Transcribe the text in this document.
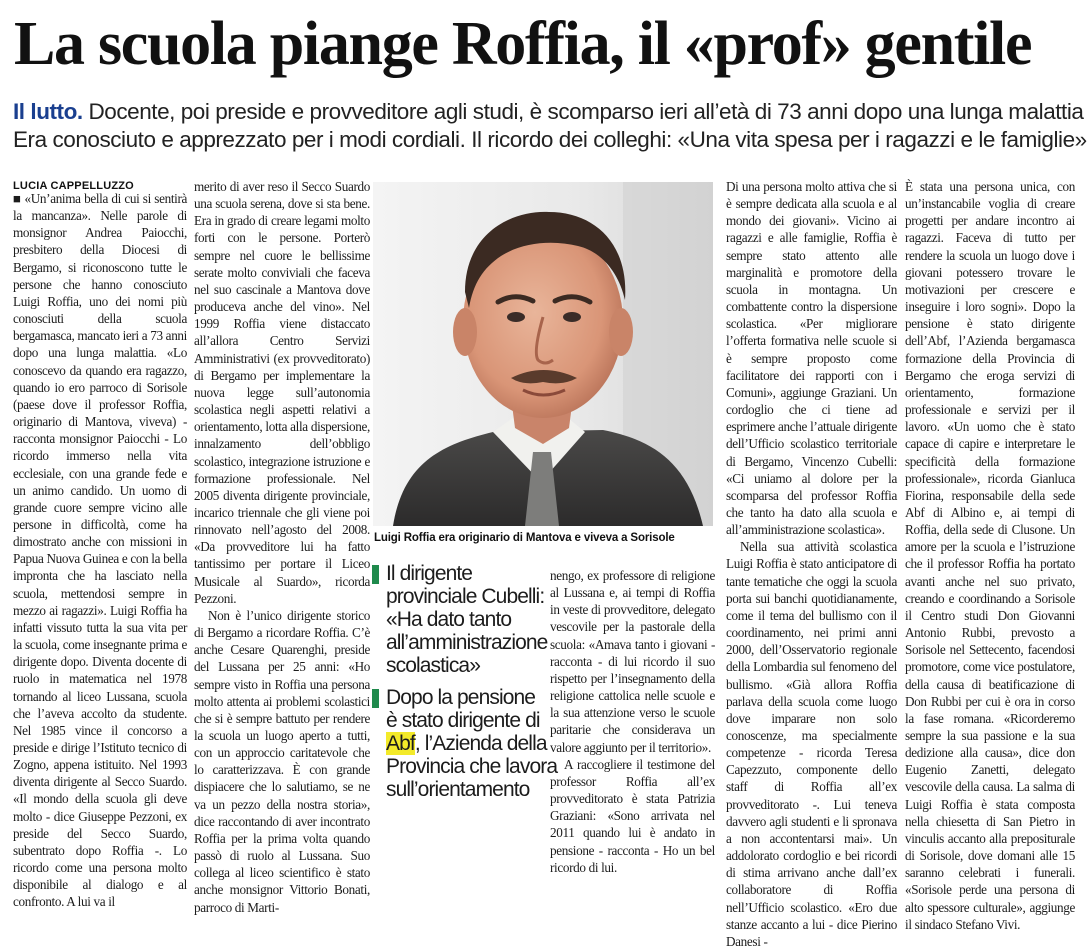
La scuola piange Roffia, il «prof» gentile
Il lutto. Docente, poi preside e provveditore agli studi, è scomparso ieri all’età di 73 anni dopo una lunga malattia
Era conosciuto e apprezzato per i modi cordiali. Il ricordo dei colleghi: «Una vita spesa per i ragazzi e le famiglie»
LUCIA CAPPELLUZZO

■ «Un’anima bella di cui si sentirà la mancanza». Nelle parole di monsignor Andrea Paiocchi, presbitero della Diocesi di Bergamo, si riconoscono tutte le persone che hanno conosciuto Luigi Roffia, uno dei nomi più conosciuti della scuola bergamasca, mancato ieri a 73 anni dopo una lunga malattia. «Lo conoscevo da quando era ragazzo, quando io ero parroco di Sorisole (paese dove il professor Roffia, originario di Mantova, viveva) - racconta monsignor Paiocchi - Lo ricordo immerso nella vita ecclesiale, con una grande fede e un animo candido. Un uomo di grande cuore sempre vicino alle persone in difficoltà, come ha dimostrato anche con missioni in Papua Nuova Guinea e con la bella impronta che ha lasciato nella scuola, mettendosi sempre in mezzo ai ragazzi». Luigi Roffia ha infatti vissuto tutta la sua vita per la scuola, come insegnante prima e dirigente dopo. Diventa docente di ruolo in matematica nel 1978 tornando al liceo Lussana, scuola che l’aveva accolto da studente. Nel 1985 vince il concorso a preside e dirige l’Istituto tecnico di Zogno, appena istituito. Nel 1993 diventa dirigente al Secco Suardo. «Il mondo della scuola gli deve molto - dice Giuseppe Pezzoni, ex preside del Secco Suardo, subentrato dopo Roffia -. Lo ricordo come una persona molto disponibile al dialogo e al confronto. A lui va il

merito di aver reso il Secco Suardo una scuola serena, dove si sta bene. Era in grado di creare legami molto forti con le persone. Porterò sempre nel cuore le bellissime serate molto conviviali che faceva nel suo cascinale a Mantova dove produceva anche del vino». Nel 1999 Roffia viene distaccato all’allora Centro Servizi Amministrativi (ex provveditorato) di Bergamo per implementare la nuova legge sull’autonomia scolastica negli aspetti relativi a orientamento, lotta alla dispersione, innalzamento dell’obbligo scolastico, integrazione istruzione e formazione professionale. Nel 2005 diventa dirigente provinciale, incarico triennale che gli viene poi rinnovato nell’agosto del 2008. «Da provveditore lui ha fatto tantissimo per portare il Liceo Musicale al Suardo», ricorda Pezzoni.

Non è l’unico dirigente storico di Bergamo a ricordare Roffia. C’è anche Cesare Quarenghi, preside del Lussana per 25 anni: «Ho sempre visto in Roffia una persona molto attenta ai problemi scolastici che si è sempre battuto per rendere la scuola un luogo aperto a tutti, con un approccio caritatevole che lo caratterizzava. È con grande dispiacere che lo salutiamo, se ne va un pezzo della nostra storia», dice raccontando di aver incontrato Roffia per la prima volta quando passò di ruolo al Lussana. Suo collega al liceo scientifico è stato anche monsignor Vittorio Bonati, parroco di Marti-

Luigi Roffia era originario di Mantova e viveva a Sorisole
Il dirigente
provinciale Cubelli:
«Ha dato tanto
all’amministrazione
scolastica»
Dopo la pensione
è stato dirigente di
Abf, l’Azienda della
Provincia che lavora
sull’orientamento

nengo, ex professore di religione al Lussana e, ai tempi di Roffia in veste di provveditore, delegato vescovile per la pastorale della scuola: «Amava tanto i giovani - racconta - di lui ricordo il suo rispetto per l’insegnamento della religione cattolica nelle scuole e la sua attenzione verso le scuole paritarie che considerava un valore aggiunto per il territorio».

A raccogliere il testimone del professor Roffia all’ex provveditorato è stata Patrizia Graziani: «Sono arrivata nel 2011 quando lui è andato in pensione - racconta - Ho un bel ricordo di lui.

Di una persona molto attiva che si è sempre dedicata alla scuola e al mondo dei giovani». Vicino ai ragazzi e alle famiglie, Roffia è sempre stato attento alle marginalità e promotore della scuola in montagna. Un combattente contro la dispersione scolastica. «Per migliorare l’offerta formativa nelle scuole si è sempre proposto come facilitatore dei rapporti con i Comuni», aggiunge Graziani. Un cordoglio che ci tiene ad esprimere anche l’attuale dirigente dell’Ufficio scolastico territoriale di Bergamo, Vincenzo Cubelli: «Ci uniamo al dolore per la scomparsa del professor Roffia che tanto ha dato alla scuola e all’amministrazione scolastica».

Nella sua attività scolastica Luigi Roffia è stato anticipatore di tante tematiche che oggi la scuola porta sui banchi quotidianamente, come il tema del bullismo con il coordinamento, nei primi anni 2000, dell’Osservatorio regionale della Lombardia sul fenomeno del bullismo. «Già allora Roffia parlava della scuola come luogo dove imparare non solo conoscenze, ma specialmente competenze - ricorda Teresa Capezzuto, componente dello staff di Roffia all’ex provveditorato -. Lui teneva davvero agli studenti e li spronava a non accontentarsi mai». Un addolorato cordoglio e bei ricordi di stima arrivano anche dall’ex collaboratore di Roffia nell’Ufficio scolastico. «Ero due stanze accanto a lui - dice Pierino Danesi -

È stata una persona unica, con un’instancabile voglia di creare progetti per andare incontro ai ragazzi. Faceva di tutto per rendere la scuola un luogo dove i giovani potessero trovare le motivazioni per crescere e inseguire i loro sogni». Dopo la pensione è stato dirigente dell’Abf, l’Azienda bergamasca formazione della Provincia di Bergamo che eroga servizi di orientamento, formazione professionale e servizi per il lavoro. «Un uomo che è stato capace di capire e interpretare le specificità della formazione professionale», ricorda Gianluca Fiorina, responsabile della sede Abf di Albino e, ai tempi di Roffia, della sede di Clusone. Un amore per la scuola e l’istruzione che il professor Roffia ha portato avanti anche nel suo privato, creando e coordinando a Sorisole il Centro studi Don Giovanni Antonio Rubbi, prevosto a Sorisole nel Settecento, facendosi promotore, come vice postulatore, della causa di beatificazione di Don Rubbi per cui è ora in corso la fase romana. «Ricorderemo sempre la sua passione e la sua dedizione alla causa», dice don Eugenio Zanetti, delegato vescovile della causa. La salma di Luigi Roffia è stata composta nella chiesetta di San Pietro in vinculis accanto alla prepositurale di Sorisole, dove domani alle 15 saranno celebrati i funerali. «Sorisole perde una persona di alto spessore culturale», aggiunge il sindaco Stefano Vivi.
